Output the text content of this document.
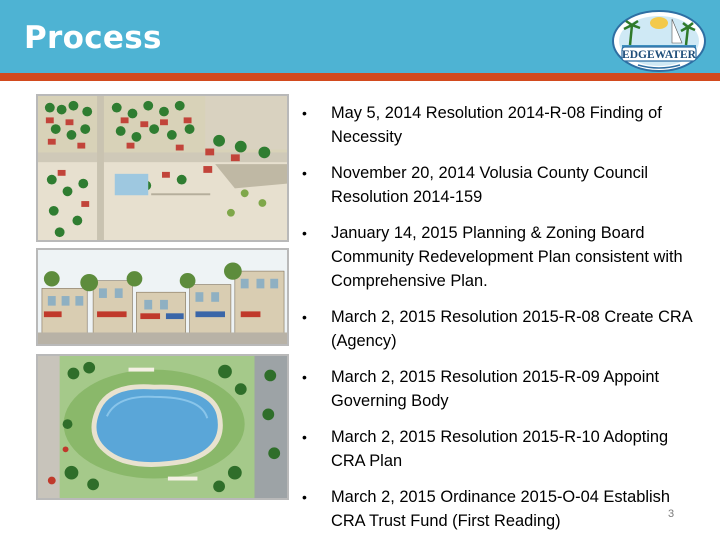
Process	EDGEWATER
• May 5, 2014 Resolution 2014-R-08 Finding of Necessity
• November 20, 2014 Volusia County Council Resolution 2014-159
• January 14, 2015 Planning & Zoning Board Community Redevelopment Plan consistent with Comprehensive Plan.
• March 2, 2015 Resolution 2015-R-08 Create CRA (Agency)
• March 2, 2015 Resolution 2015-R-09 Appoint Governing Body
• March 2, 2015 Resolution 2015-R-10 Adopting CRA Plan
• March 2, 2015 Ordinance 2015-O-04 Establish CRA Trust Fund (First Reading)	3
